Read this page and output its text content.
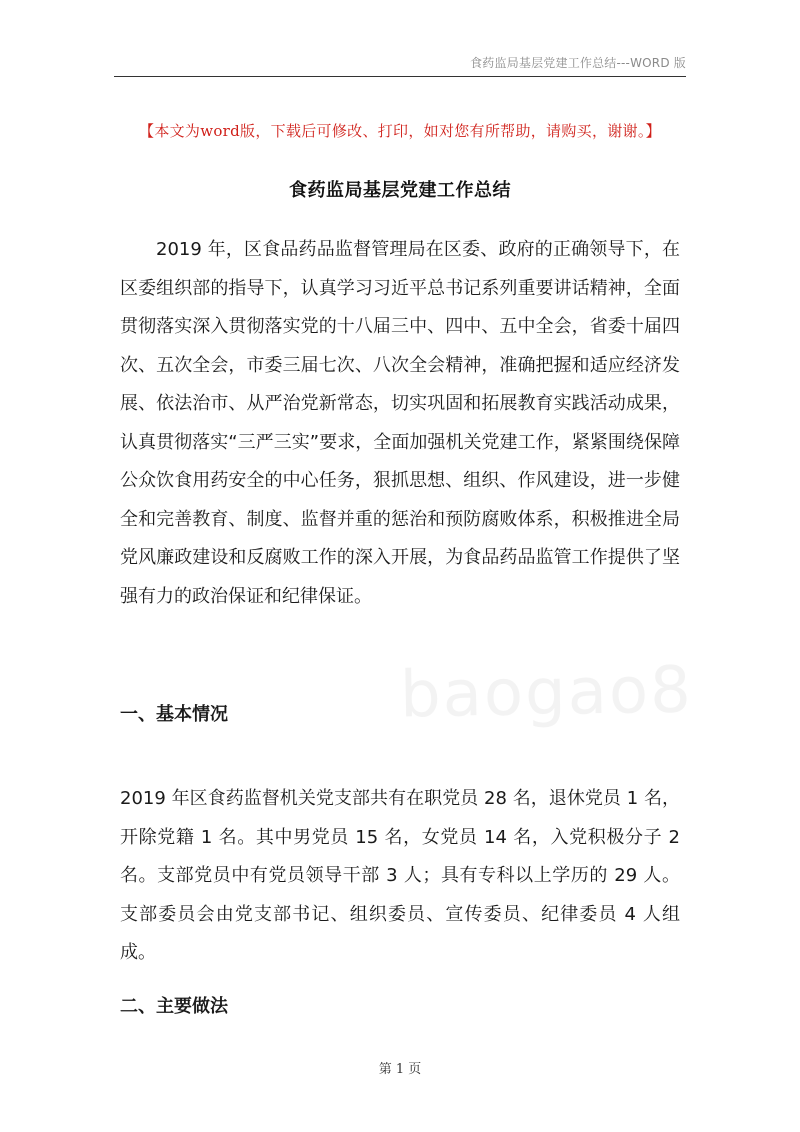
食药监局基层党建工作总结---WORD 版
【本文为word版，下载后可修改、打印，如对您有所帮助，请购买，谢谢。】
食药监局基层党建工作总结

2019 年，区食品药品监督管理局在区委、政府的正确领导下，在区委组织部的指导下，认真学习习近平总书记系列重要讲话精神，全面贯彻落实深入贯彻落实党的十八届三中、四中、五中全会，省委十届四次、五次全会，市委三届七次、八次全会精神，准确把握和适应经济发展、依法治市、从严治党新常态，切实巩固和拓展教育实践活动成果，认真贯彻落实“三严三实”要求，全面加强机关党建工作，紧紧围绕保障公众饮食用药安全的中心任务，狠抓思想、组织、作风建设，进一步健全和完善教育、制度、监督并重的惩治和预防腐败体系，积极推进全局党风廉政建设和反腐败工作的深入开展，为食品药品监管工作提供了坚强有力的政治保证和纪律保证。

baogao8
一、基本情况

2019 年区食药监督机关党支部共有在职党员 28 名，退休党员 1 名，开除党籍 1 名。其中男党员 15 名，女党员 14 名，入党积极分子 2 名。支部党员中有党员领导干部 3 人；具有专科以上学历的 29 人。支部委员会由党支部书记、组织委员、宣传委员、纪律委员 4 人组成。

二、主要做法
第 1 页
